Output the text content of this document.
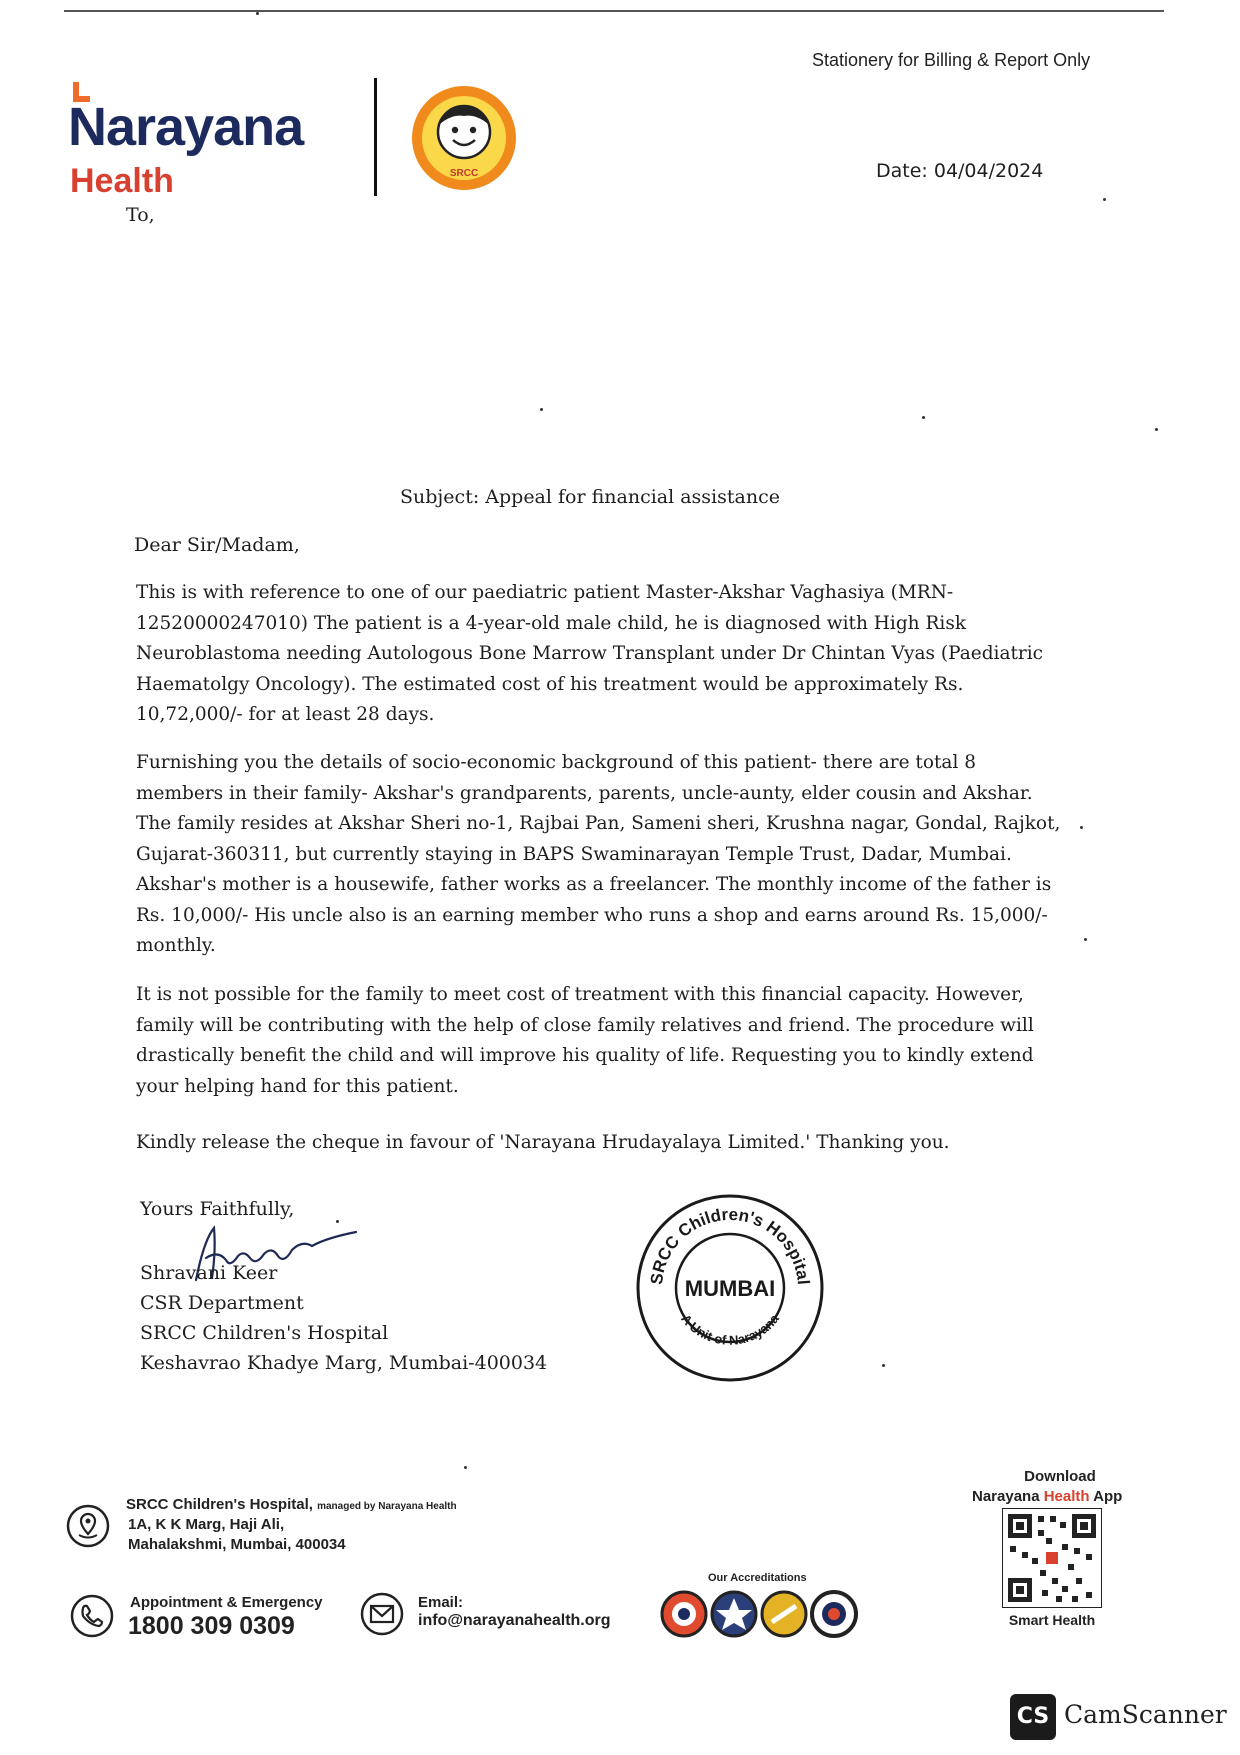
Stationery for Billing & Report Only
Narayana
Health	SRCC
To,
Date: 04/04/2024
Subject: Appeal for financial assistance
Dear Sir/Madam,

This is with reference to one of our paediatric patient Master-Akshar Vaghasiya (MRN-12520000247010) The patient is a 4-year-old male child, he is diagnosed with High Risk Neuroblastoma needing Autologous Bone Marrow Transplant under Dr Chintan Vyas (Paediatric Haematolgy Oncology). The estimated cost of his treatment would be approximately Rs. 10,72,000/- for at least 28 days.

Furnishing you the details of socio-economic background of this patient- there are total 8 members in their family- Akshar's grandparents, parents, uncle-aunty, elder cousin and Akshar. The family resides at Akshar Sheri no-1, Rajbai Pan, Sameni sheri, Krushna nagar, Gondal, Rajkot, Gujarat-360311, but currently staying in BAPS Swaminarayan Temple Trust, Dadar, Mumbai. Akshar's mother is a housewife, father works as a freelancer. The monthly income of the father is Rs. 10,000/- His uncle also is an earning member who runs a shop and earns around Rs. 15,000/- monthly.

It is not possible for the family to meet cost of treatment with this financial capacity. However, family will be contributing with the help of close family relatives and friend. The procedure will drastically benefit the child and will improve his quality of life. Requesting you to kindly extend your helping hand for this patient.

Kindly release the cheque in favour of 'Narayana Hrudayalaya Limited.' Thanking you.

Yours Faithfully,
Shravani
Shravani Keer
CSR Department
SRCC Children's Hospital
Keshavrao Khadye Marg, Mumbai-400034
SRCC Children's Hospital
A Unit of Narayana
MUMBAI
SRCC Children's Hospital, managed by Narayana Health
1A, K K Marg, Haji Ali,
Mahalakshmi, Mumbai, 400034
Appointment & Emergency
1800 309 0309
Email:
info@narayanahealth.org
Our Accreditations
Download
Narayana Health App
Smart Health
CS CamScanner
